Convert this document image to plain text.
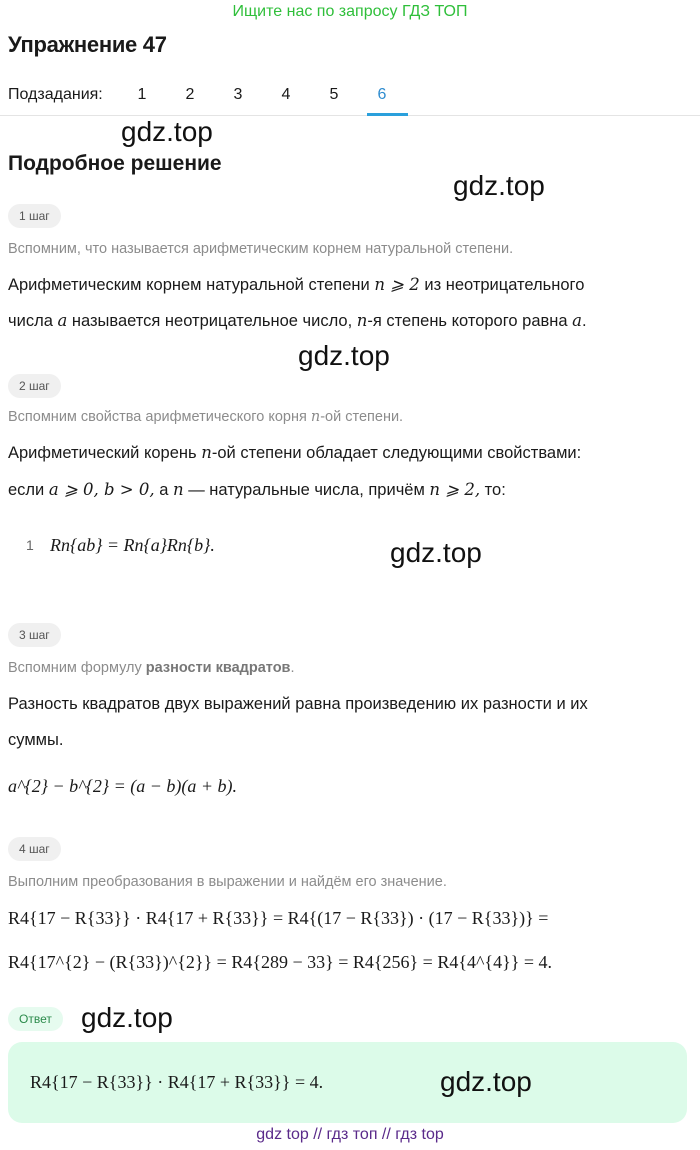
Ищите нас по запросу ГДЗ ТОП
Упражнение 47
Подзадания:	1	2	3	4	5	6
gdz.top
Подробное решение
gdz.top
1 шаг
Вспомним, что называется арифметическим корнем натуральной степени.
Арифметическим корнем натуральной степени n ⩾ 2 из неотрицательного
числа a называется неотрицательное число, n-я степень которого равна a.
gdz.top
2 шаг
Вспомним свойства арифметического корня n-ой степени.
Арифметический корень n-ой степени обладает следующими свойствами:
если a ⩾ 0, b > 0, а n — натуральные числа, причём n ⩾ 2, то:
1 Rn{ab} = Rn{a}Rn{b}.	gdz.top
3 шаг
Вспомним формулу разности квадратов.
Разность квадратов двух выражений равна произведению их разности и их
суммы.
a^{2} − b^{2} = (a − b)(a + b).
4 шаг
Выполним преобразования в выражении и найдём его значение.
R4{17 − R{33}} · R4{17 + R{33}} = R4{(17 − R{33}) · (17 − R{33})} =
R4{17^{2} − (R{33})^{2}} = R4{289 − 33} = R4{256} = R4{4^{4}} = 4.
Ответ	gdz.top
R4{17 − R{33}} · R4{17 + R{33}} = 4.	gdz.top
gdz top // гдз топ // гдз top
